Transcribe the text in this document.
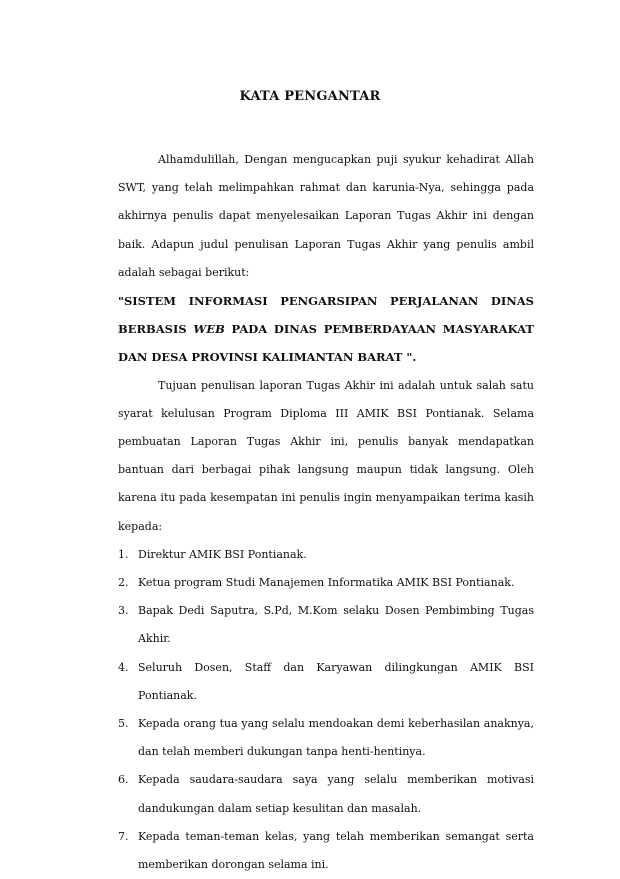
KATA PENGANTAR

Alhamdulillah, Dengan mengucapkan puji syukur kehadirat Allah SWT, yang telah melimpahkan rahmat dan karunia-Nya, sehingga pada akhirnya penulis dapat menyelesaikan Laporan Tugas Akhir ini dengan baik. Adapun judul penulisan Laporan Tugas Akhir yang penulis ambil adalah sebagai berikut:

"SISTEM INFORMASI PENGARSIPAN PERJALANAN DINAS BERBASIS WEB PADA DINAS PEMBERDAYAAN MASYARAKAT DAN DESA PROVINSI KALIMANTAN BARAT ".

Tujuan penulisan laporan Tugas Akhir ini adalah untuk salah satu syarat kelulusan Program Diploma III AMIK BSI Pontianak. Selama pembuatan Laporan Tugas Akhir ini, penulis banyak mendapatkan bantuan dari berbagai pihak langsung maupun tidak langsung. Oleh karena itu pada kesempatan ini penulis ingin menyampaikan terima kasih kepada:

1. Direktur AMIK BSI Pontianak.
2. Ketua program Studi Manajemen Informatika AMIK BSI Pontianak.
3. Bapak Dedi Saputra, S.Pd, M.Kom selaku Dosen Pembimbing Tugas Akhir.
4. Seluruh Dosen, Staff dan Karyawan dilingkungan AMIK BSI Pontianak.
5. Kepada orang tua yang selalu mendoakan demi keberhasilan anaknya, dan telah memberi dukungan tanpa henti-hentinya.
6. Kepada saudara-saudara saya yang selalu memberikan motivasi dandukungan dalam setiap kesulitan dan masalah.
7. Kepada teman-teman kelas, yang telah memberikan semangat serta memberikan dorongan selama ini.
